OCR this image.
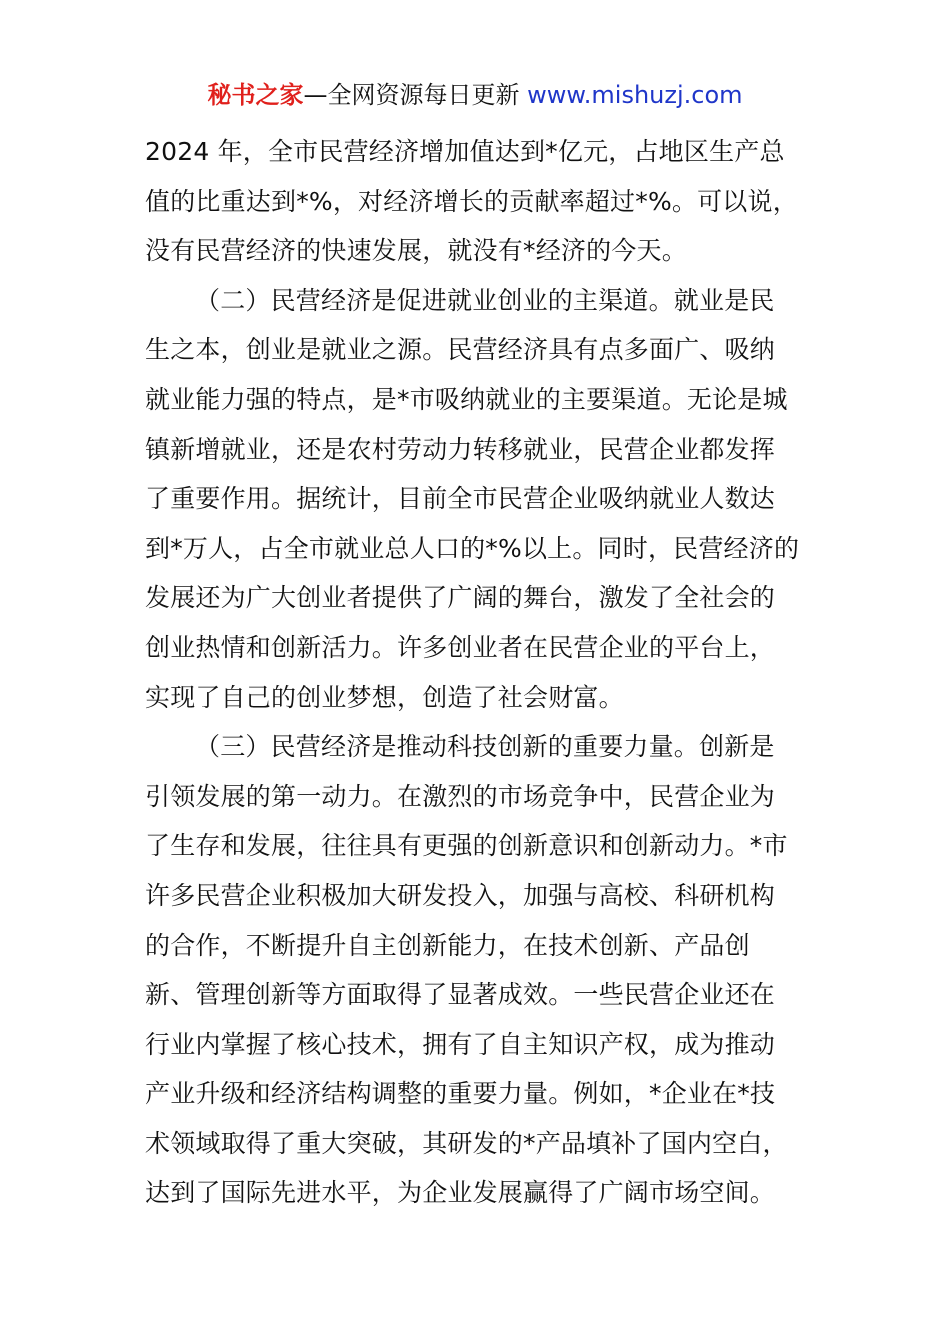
秘书之家—全网资源每日更新 www.mishuzj.com
2024 年，全市民营经济增加值达到*亿元，占地区生产总
值的比重达到*%，对经济增长的贡献率超过*%。可以说，
没有民营经济的快速发展，就没有*经济的今天。
（二）民营经济是促进就业创业的主渠道。就业是民
生之本，创业是就业之源。民营经济具有点多面广、吸纳
就业能力强的特点，是*市吸纳就业的主要渠道。无论是城
镇新增就业，还是农村劳动力转移就业，民营企业都发挥
了重要作用。据统计，目前全市民营企业吸纳就业人数达
到*万人，占全市就业总人口的*%以上。同时，民营经济的
发展还为广大创业者提供了广阔的舞台，激发了全社会的
创业热情和创新活力。许多创业者在民营企业的平台上，
实现了自己的创业梦想，创造了社会财富。
（三）民营经济是推动科技创新的重要力量。创新是
引领发展的第一动力。在激烈的市场竞争中，民营企业为
了生存和发展，往往具有更强的创新意识和创新动力。*市
许多民营企业积极加大研发投入，加强与高校、科研机构
的合作，不断提升自主创新能力，在技术创新、产品创
新、管理创新等方面取得了显著成效。一些民营企业还在
行业内掌握了核心技术，拥有了自主知识产权，成为推动
产业升级和经济结构调整的重要力量。例如，*企业在*技
术领域取得了重大突破，其研发的*产品填补了国内空白，
达到了国际先进水平，为企业发展赢得了广阔市场空间。
